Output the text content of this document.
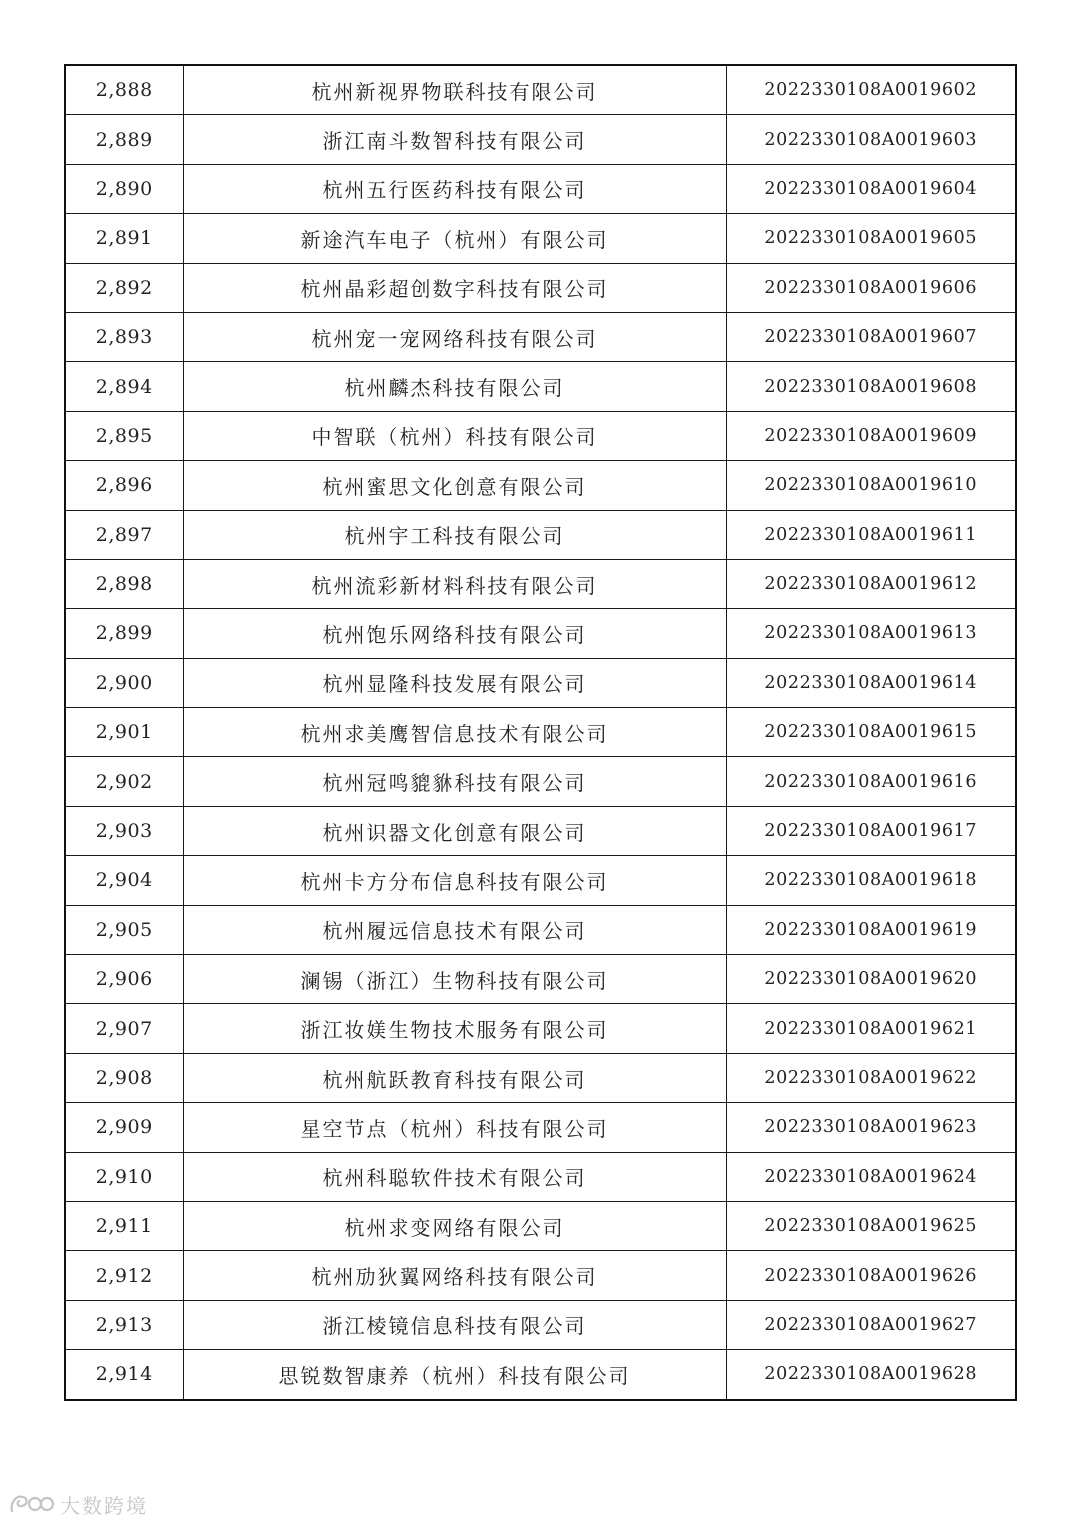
2,888	杭州新视界物联科技有限公司	2022330108A0019602
2,889	浙江南斗数智科技有限公司	2022330108A0019603
2,890	杭州五行医药科技有限公司	2022330108A0019604
2,891	新途汽车电子（杭州）有限公司	2022330108A0019605
2,892	杭州晶彩超创数字科技有限公司	2022330108A0019606
2,893	杭州宠一宠网络科技有限公司	2022330108A0019607
2,894	杭州麟杰科技有限公司	2022330108A0019608
2,895	中智联（杭州）科技有限公司	2022330108A0019609
2,896	杭州蜜思文化创意有限公司	2022330108A0019610
2,897	杭州宇工科技有限公司	2022330108A0019611
2,898	杭州流彩新材料科技有限公司	2022330108A0019612
2,899	杭州饱乐网络科技有限公司	2022330108A0019613
2,900	杭州显隆科技发展有限公司	2022330108A0019614
2,901	杭州求美鹰智信息技术有限公司	2022330108A0019615
2,902	杭州冠鸣貔貅科技有限公司	2022330108A0019616
2,903	杭州识器文化创意有限公司	2022330108A0019617
2,904	杭州卡方分布信息科技有限公司	2022330108A0019618
2,905	杭州履远信息技术有限公司	2022330108A0019619
2,906	澜锡（浙江）生物科技有限公司	2022330108A0019620
2,907	浙江妆媄生物技术服务有限公司	2022330108A0019621
2,908	杭州航跃教育科技有限公司	2022330108A0019622
2,909	星空节点（杭州）科技有限公司	2022330108A0019623
2,910	杭州科聪软件技术有限公司	2022330108A0019624
2,911	杭州求变网络有限公司	2022330108A0019625
2,912	杭州劢狄翼网络科技有限公司	2022330108A0019626
2,913	浙江棱镜信息科技有限公司	2022330108A0019627
2,914	思锐数智康养（杭州）科技有限公司	2022330108A0019628
大数跨境
